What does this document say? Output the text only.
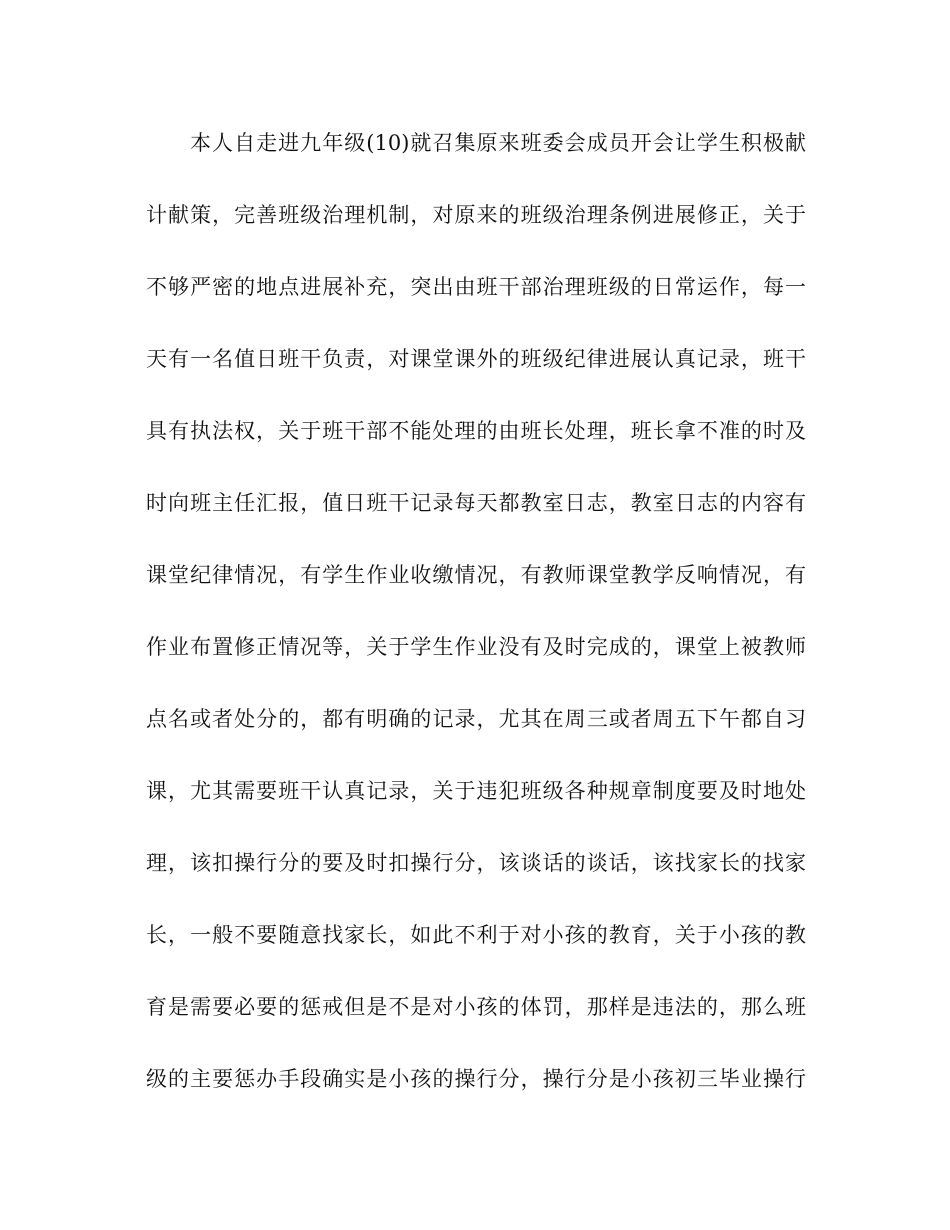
本人自走进九年级(10)就召集原来班委会成员开会让学生积极献
计献策，完善班级治理机制，对原来的班级治理条例进展修正，关于
不够严密的地点进展补充，突出由班干部治理班级的日常运作，每一
天有一名值日班干负责，对课堂课外的班级纪律进展认真记录，班干
具有执法权，关于班干部不能处理的由班长处理，班长拿不准的时及
时向班主任汇报，值日班干记录每天都教室日志，教室日志的内容有
课堂纪律情况，有学生作业收缴情况，有教师课堂教学反响情况，有
作业布置修正情况等，关于学生作业没有及时完成的，课堂上被教师
点名或者处分的，都有明确的记录，尤其在周三或者周五下午都自习
课，尤其需要班干认真记录，关于违犯班级各种规章制度要及时地处
理，该扣操行分的要及时扣操行分，该谈话的谈话，该找家长的找家
长，一般不要随意找家长，如此不利于对小孩的教育，关于小孩的教
育是需要必要的惩戒但是不是对小孩的体罚，那样是违法的，那么班
级的主要惩办手段确实是小孩的操行分，操行分是小孩初三毕业操行
